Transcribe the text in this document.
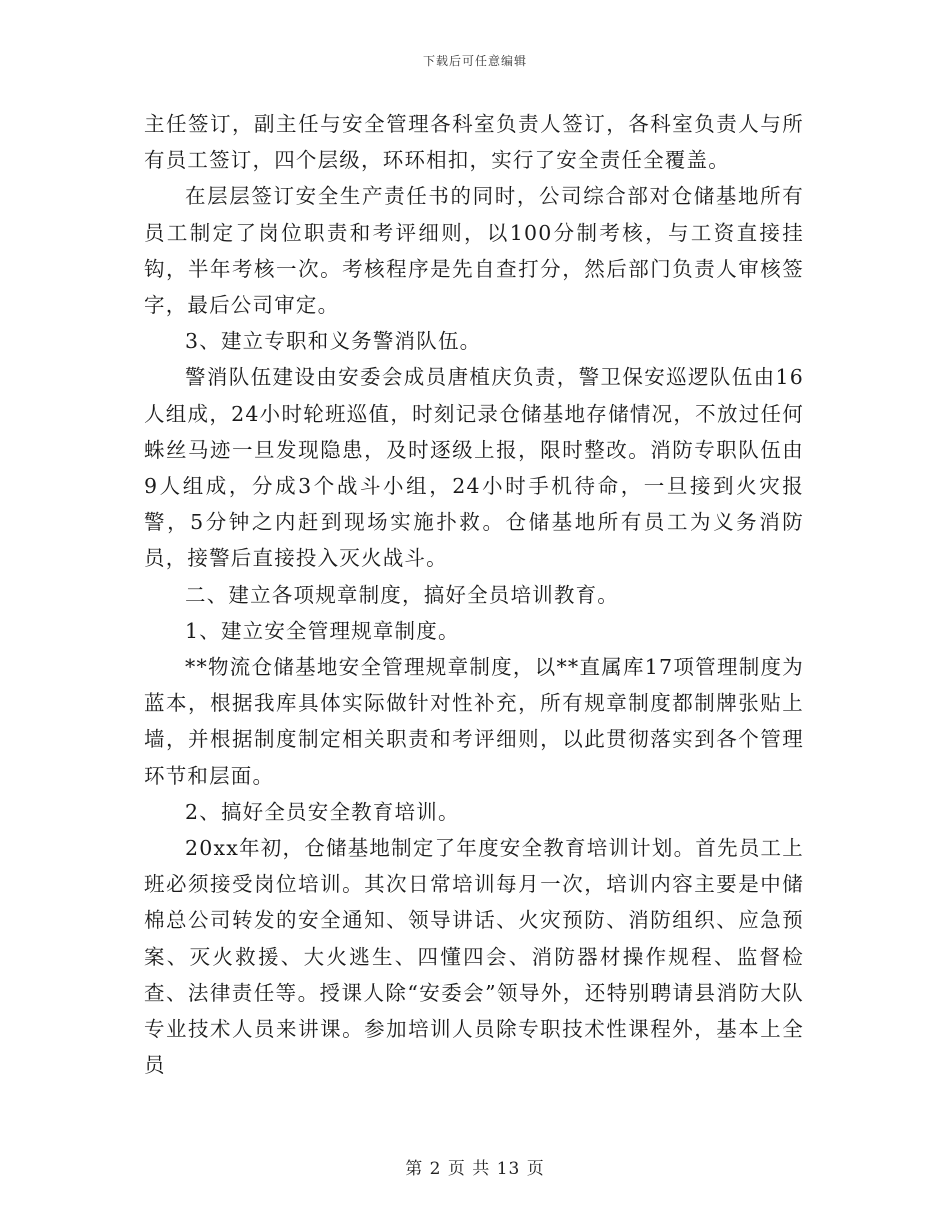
下载后可任意编辑

主任签订，副主任与安全管理各科室负责人签订，各科室负责人与所有员工签订，四个层级，环环相扣，实行了安全责任全覆盖。

在层层签订安全生产责任书的同时，公司综合部对仓储基地所有员工制定了岗位职责和考评细则，以100分制考核，与工资直接挂钩，半年考核一次。考核程序是先自查打分，然后部门负责人审核签字，最后公司审定。

3、建立专职和义务警消队伍。

警消队伍建设由安委会成员唐植庆负责，警卫保安巡逻队伍由16人组成，24小时轮班巡值，时刻记录仓储基地存储情况，不放过任何蛛丝马迹一旦发现隐患，及时逐级上报，限时整改。消防专职队伍由9人组成，分成3个战斗小组，24小时手机待命，一旦接到火灾报警，5分钟之内赶到现场实施扑救。仓储基地所有员工为义务消防员，接警后直接投入灭火战斗。

二、建立各项规章制度，搞好全员培训教育。

1、建立安全管理规章制度。

**物流仓储基地安全管理规章制度，以**直属库17项管理制度为蓝本，根据我库具体实际做针对性补充，所有规章制度都制牌张贴上墙，并根据制度制定相关职责和考评细则，以此贯彻落实到各个管理环节和层面。

2、搞好全员安全教育培训。

20xx年初，仓储基地制定了年度安全教育培训计划。首先员工上班必须接受岗位培训。其次日常培训每月一次，培训内容主要是中储棉总公司转发的安全通知、领导讲话、火灾预防、消防组织、应急预案、灭火救援、大火逃生、四懂四会、消防器材操作规程、监督检查、法律责任等。授课人除“安委会”领导外，还特别聘请县消防大队专业技术人员来讲课。参加培训人员除专职技术性课程外，基本上全员

第 2 页 共 13 页
